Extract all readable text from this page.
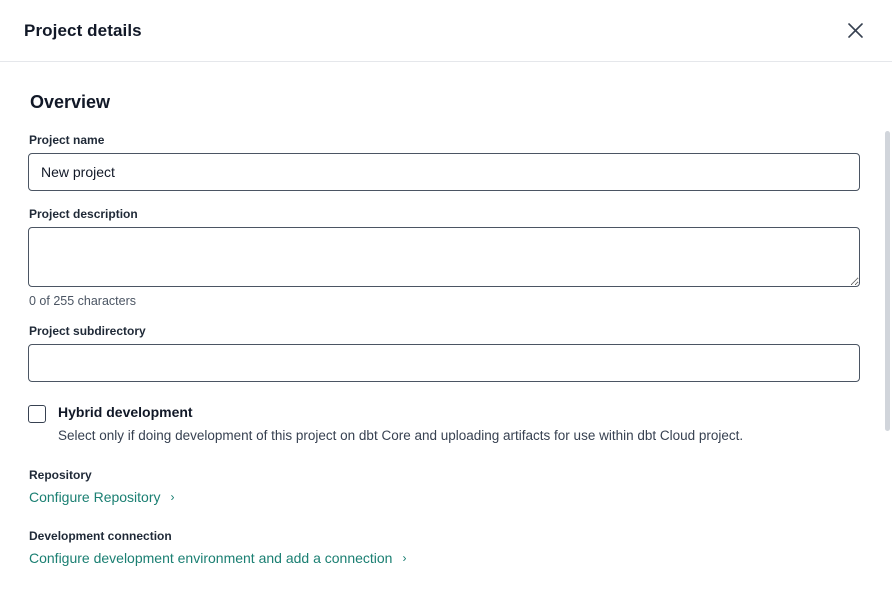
Project details
Overview
Project name
New project
Project description
0 of 255 characters
Project subdirectory
Hybrid development
Select only if doing development of this project on dbt Core and uploading artifacts for use within dbt Cloud project.
Repository
Configure Repository ›
Development connection
Configure development environment and add a connection ›
